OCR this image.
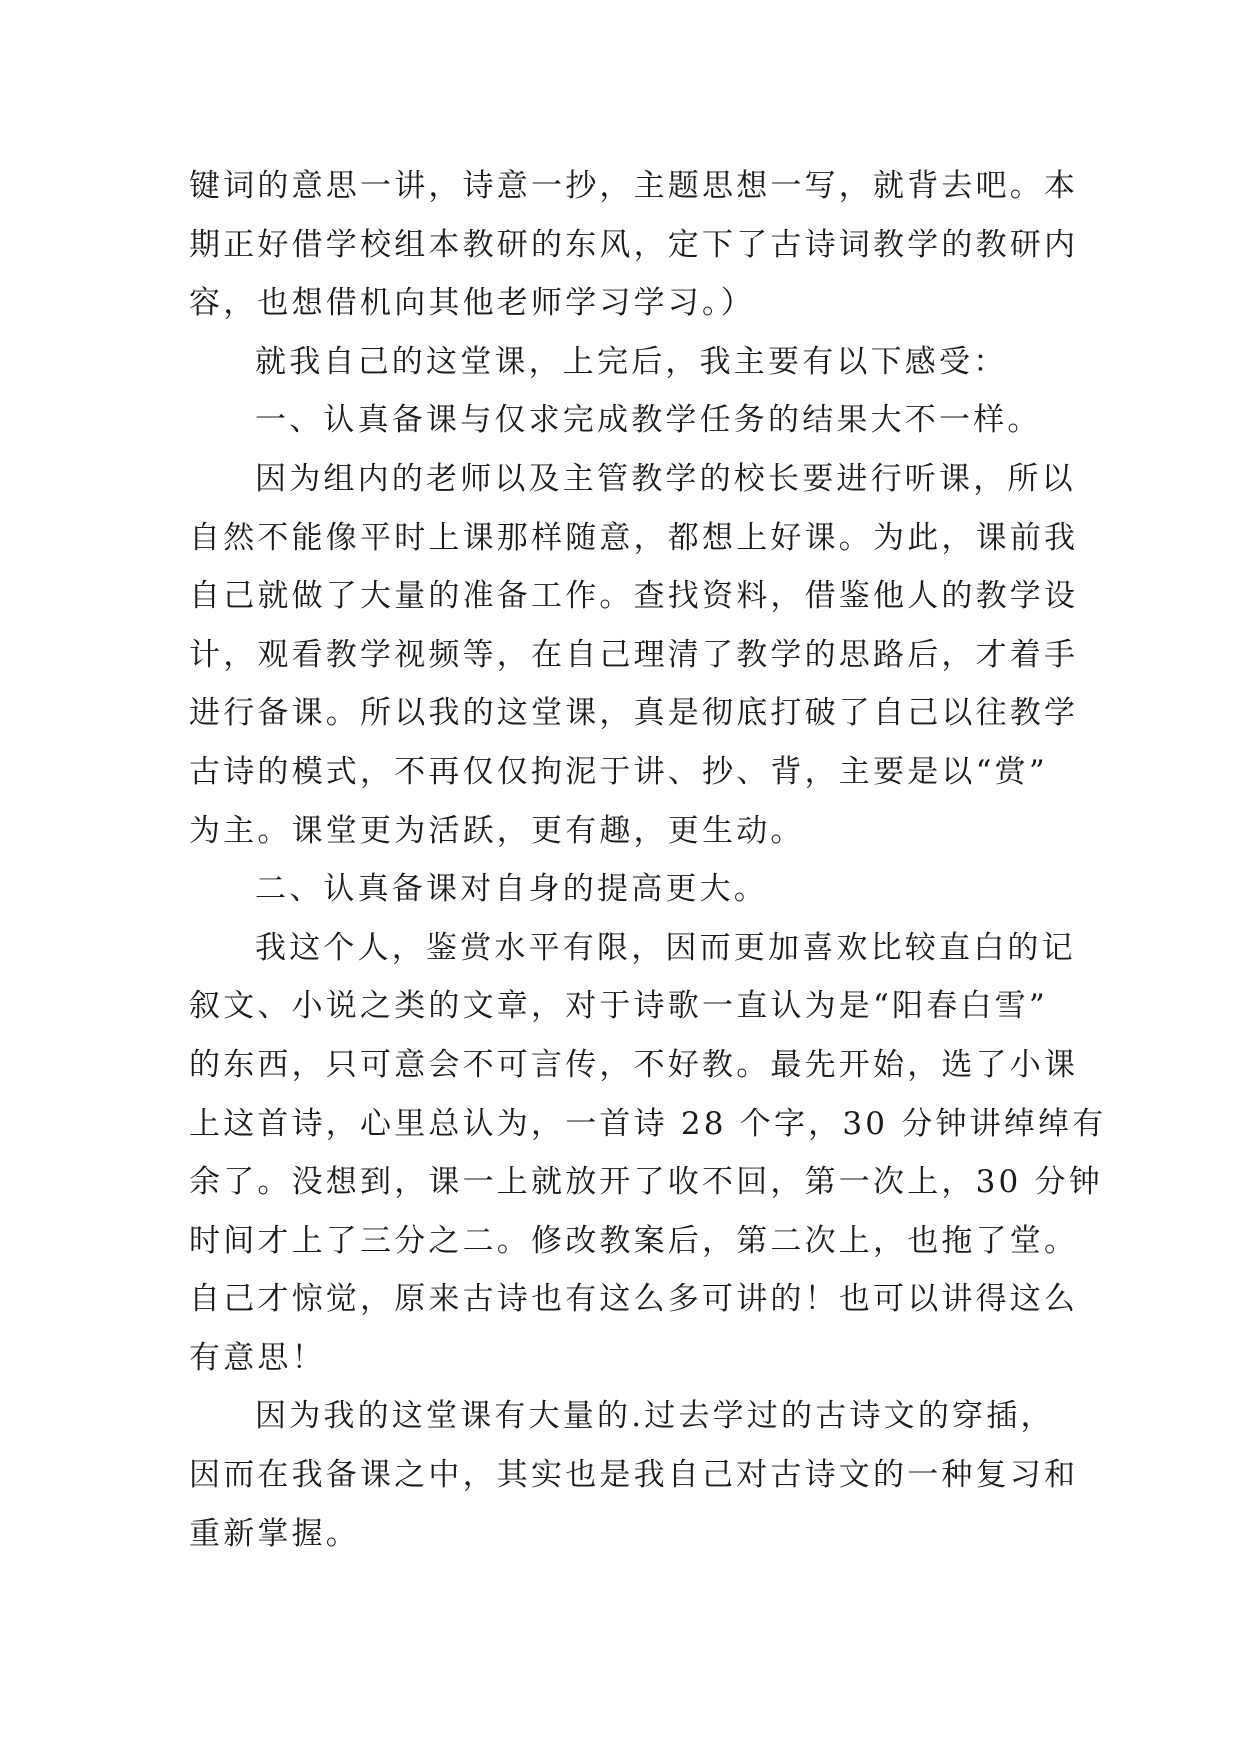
键词的意思一讲，诗意一抄，主题思想一写，就背去吧。本
期正好借学校组本教研的东风，定下了古诗词教学的教研内
容，也想借机向其他老师学习学习。）
就我自己的这堂课，上完后，我主要有以下感受：
一、认真备课与仅求完成教学任务的结果大不一样。
因为组内的老师以及主管教学的校长要进行听课，所以
自然不能像平时上课那样随意，都想上好课。为此，课前我
自己就做了大量的准备工作。查找资料，借鉴他人的教学设
计，观看教学视频等，在自己理清了教学的思路后，才着手
进行备课。所以我的这堂课，真是彻底打破了自己以往教学
古诗的模式，不再仅仅拘泥于讲、抄、背，主要是以“赏”
为主。课堂更为活跃，更有趣，更生动。
二、认真备课对自身的提高更大。
我这个人，鉴赏水平有限，因而更加喜欢比较直白的记
叙文、小说之类的文章，对于诗歌一直认为是“阳春白雪”
的东西，只可意会不可言传，不好教。最先开始，选了小课
上这首诗，心里总认为，一首诗 28 个字，30 分钟讲绰绰有
余了。没想到，课一上就放开了收不回，第一次上，30 分钟
时间才上了三分之二。修改教案后，第二次上，也拖了堂。
自己才惊觉，原来古诗也有这么多可讲的！也可以讲得这么
有意思！
因为我的这堂课有大量的.过去学过的古诗文的穿插，
因而在我备课之中，其实也是我自己对古诗文的一种复习和
重新掌握。
